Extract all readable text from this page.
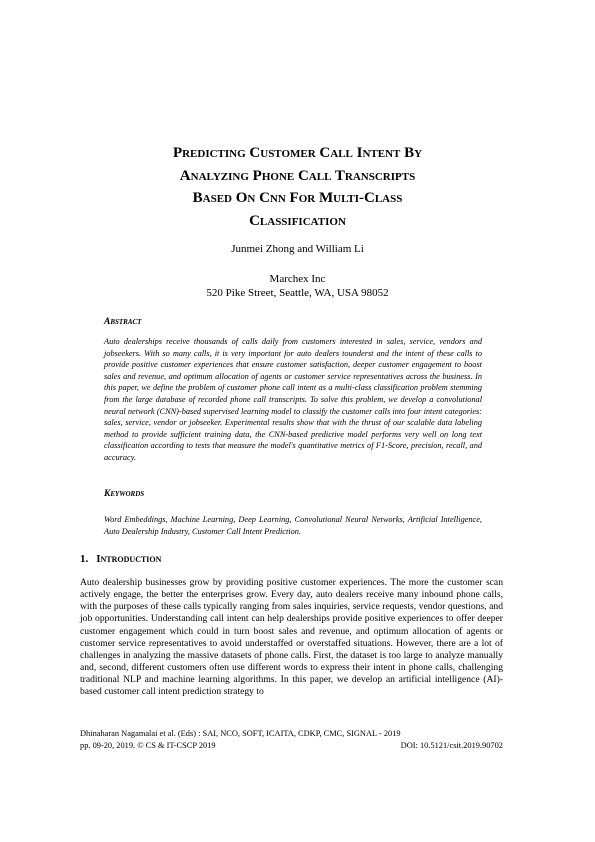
Predicting Customer Call Intent By
Analyzing Phone Call Transcripts
Based On Cnn For Multi-Class
Classification
Junmei Zhong and William Li
Marchex Inc
520 Pike Street, Seattle, WA, USA 98052
Abstract
Auto dealerships receive thousands of calls daily from customers interested in sales, service, vendors and jobseekers. With so many calls, it is very important for auto dealers tounderst and the intent of these calls to provide positive customer experiences that ensure customer satisfaction, deeper customer engagement to boost sales and revenue, and optimum allocation of agents or customer service representatives across the business. In this paper, we define the problem of customer phone call intent as a multi-class classification problem stemming from the large database of recorded phone call transcripts. To solve this problem, we develop a convolutional neural network (CNN)-based supervised learning model to classify the customer calls into four intent categories: sales, service, vendor or jobseeker. Experimental results show that with the thrust of our scalable data labeling method to provide sufficient training data, the CNN-based predictive model performs very well on long text classification according to tests that measure the model's quantitative metrics of F1-Score, precision, recall, and accuracy.
Keywords
Word Embeddings, Machine Learning, Deep Learning, Convolutional Neural Networks, Artificial Intelligence, Auto Dealership Industry, Customer Call Intent Prediction.
1. Introduction
Auto dealership businesses grow by providing positive customer experiences. The more the customer scan actively engage, the better the enterprises grow. Every day, auto dealers receive many inbound phone calls, with the purposes of these calls typically ranging from sales inquiries, service requests, vendor questions, and job opportunities. Understanding call intent can help dealerships provide positive experiences to offer deeper customer engagement which could in turn boost sales and revenue, and optimum allocation of agents or customer service representatives to avoid understaffed or overstaffed situations. However, there are a lot of challenges in analyzing the massive datasets of phone calls. First, the dataset is too large to analyze manually and, second, different customers often use different words to express their intent in phone calls, challenging traditional NLP and machine learning algorithms. In this paper, we develop an artificial intelligence (AI)-based customer call intent prediction strategy to
Dhinaharan Nagamalai et al. (Eds) : SAI, NCO, SOFT, ICAITA, CDKP, CMC, SIGNAL - 2019
pp. 09-20, 2019. © CS & IT-CSCP 2019	DOI: 10.5121/csit.2019.90702
